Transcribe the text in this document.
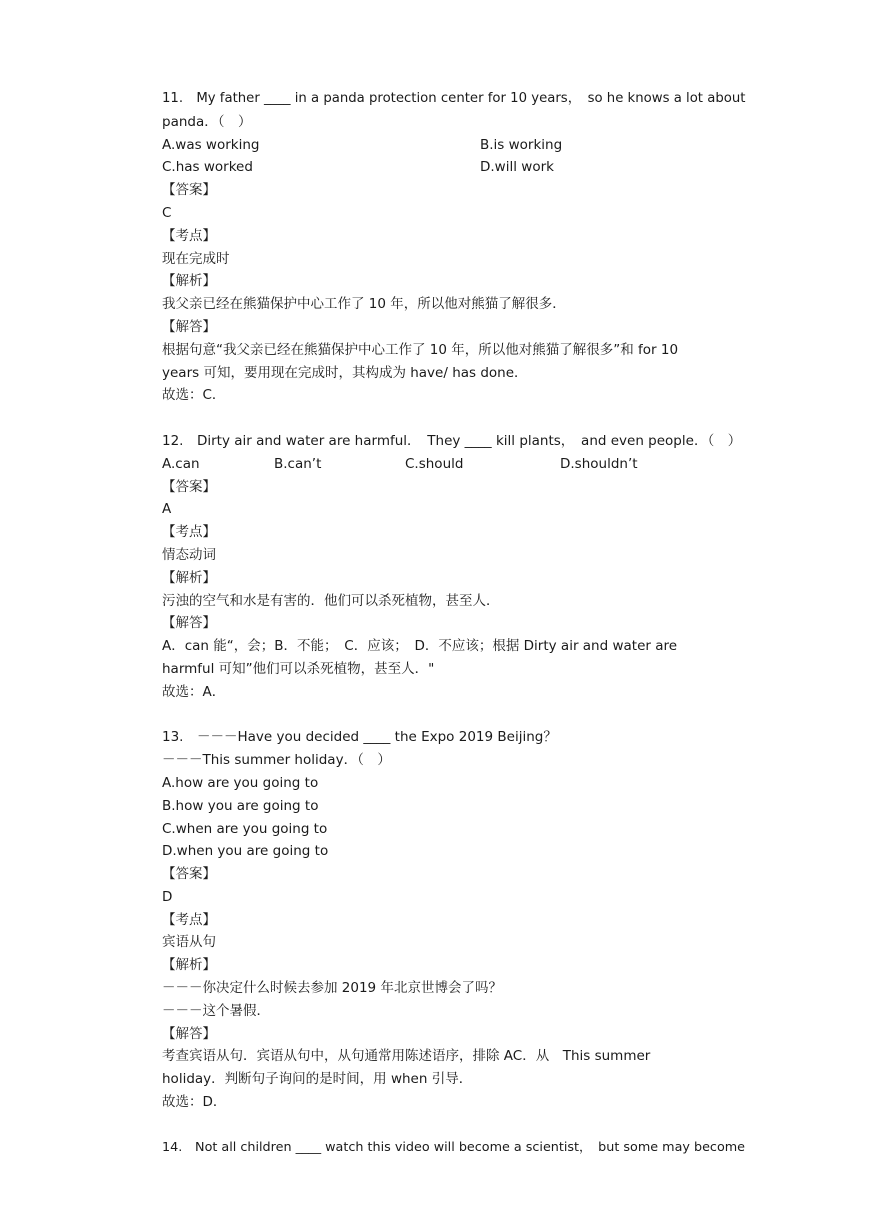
11.　My father ____ in a panda protection center for 10 years，　so he knows a lot about
panda．（　）
A.was working	B.is working
C.has worked	D.will work
【答案】
C
【考点】
现在完成时
【解析】
我父亲已经在熊猫保护中心工作了 10 年，所以他对熊猫了解很多．
【解答】
根据句意“我父亲已经在熊猫保护中心工作了 10 年，所以他对熊猫了解很多”和 for 10
years 可知，要用现在完成时，其构成为 have/ has done．
故选：C．
12.　Dirty air and water are harmful．　They ____ kill plants，　and even people．（　）
A.can	B.can’t	C.should	D.shouldn’t
【答案】
A
【考点】
情态动词
【解析】
污浊的空气和水是有害的．他们可以杀死植物，甚至人．
【解答】
A．can 能“，会；B．不能；　C．应该；　D．不应该；根据 Dirty air and water are
harmful 可知”他们可以杀死植物，甚至人．"
故选：A．
13.　－－－Have you decided ____ the Expo 2019 Beijing？
－－－This summer holiday．（　）
A.how are you going to
B.how you are going to
C.when are you going to
D.when you are going to
【答案】
D
【考点】
宾语从句
【解析】
－－－你决定什么时候去参加 2019 年北京世博会了吗？
－－－这个暑假．
【解答】
考查宾语从句．宾语从句中，从句通常用陈述语序，排除 AC．从　This summer
holiday．判断句子询问的是时间，用 when 引导．
故选：D．
14.　Not all children ____ watch this video will become a scientist，　but some may become
